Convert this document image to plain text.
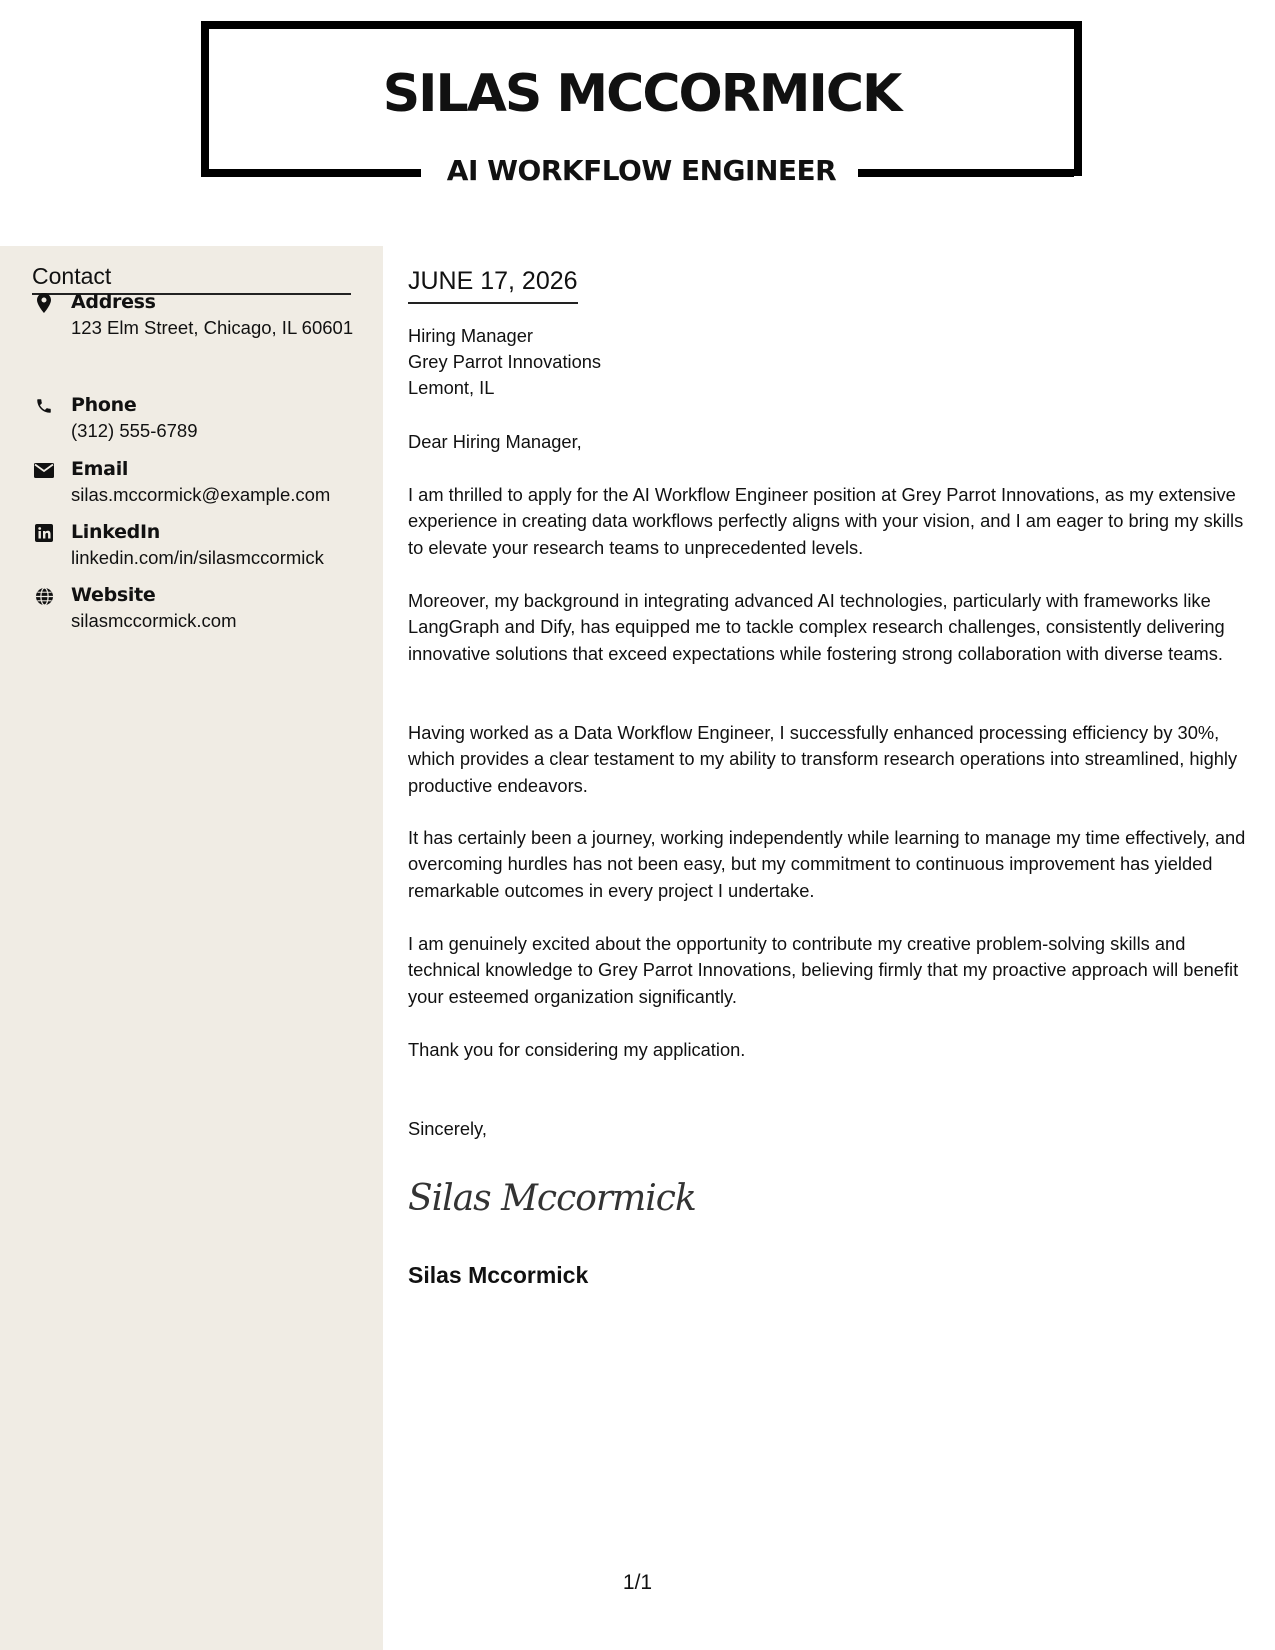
SILAS MCCORMICK
AI WORKFLOW ENGINEER
Contact
Address
123 Elm Street, Chicago, IL 60601
Phone
(312) 555-6789
Email
silas.mccormick@example.com
LinkedIn
linkedin.com/in/silasmccormick
Website
silasmccormick.com
JUNE 17, 2026

Hiring Manager

Grey Parrot Innovations

Lemont, IL

Dear Hiring Manager,

I am thrilled to apply for the AI Workflow Engineer position at Grey Parrot Innovations, as my extensive experience in creating data workflows perfectly aligns with your vision, and I am eager to bring my skills to elevate your research teams to unprecedented levels.

Moreover, my background in integrating advanced AI technologies, particularly with frameworks like LangGraph and Dify, has equipped me to tackle complex research challenges, consistently delivering innovative solutions that exceed expectations while fostering strong collaboration with diverse teams.

Having worked as a Data Workflow Engineer, I successfully enhanced processing efficiency by 30%, which provides a clear testament to my ability to transform research operations into streamlined, highly productive endeavors.

It has certainly been a journey, working independently while learning to manage my time effectively, and overcoming hurdles has not been easy, but my commitment to continuous improvement has yielded remarkable outcomes in every project I undertake.

I am genuinely excited about the opportunity to contribute my creative problem-solving skills and technical knowledge to Grey Parrot Innovations, believing firmly that my proactive approach will benefit your esteemed organization significantly.

Thank you for considering my application.

Sincerely,

Silas Mccormick
Silas Mccormick
1/1
